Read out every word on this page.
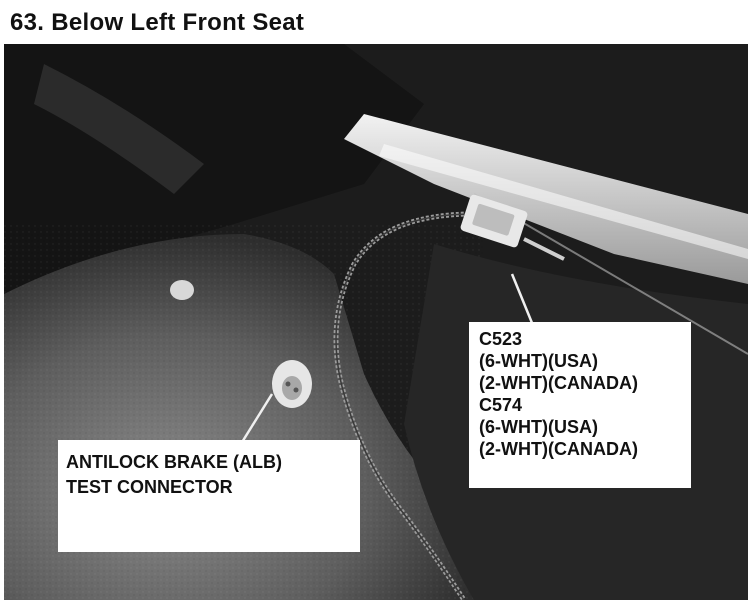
63. Below Left Front Seat
C523
(6-WHT)(USA)
(2-WHT)(CANADA)
C574
(6-WHT)(USA)
(2-WHT)(CANADA)
ANTILOCK BRAKE (ALB)
TEST CONNECTOR
